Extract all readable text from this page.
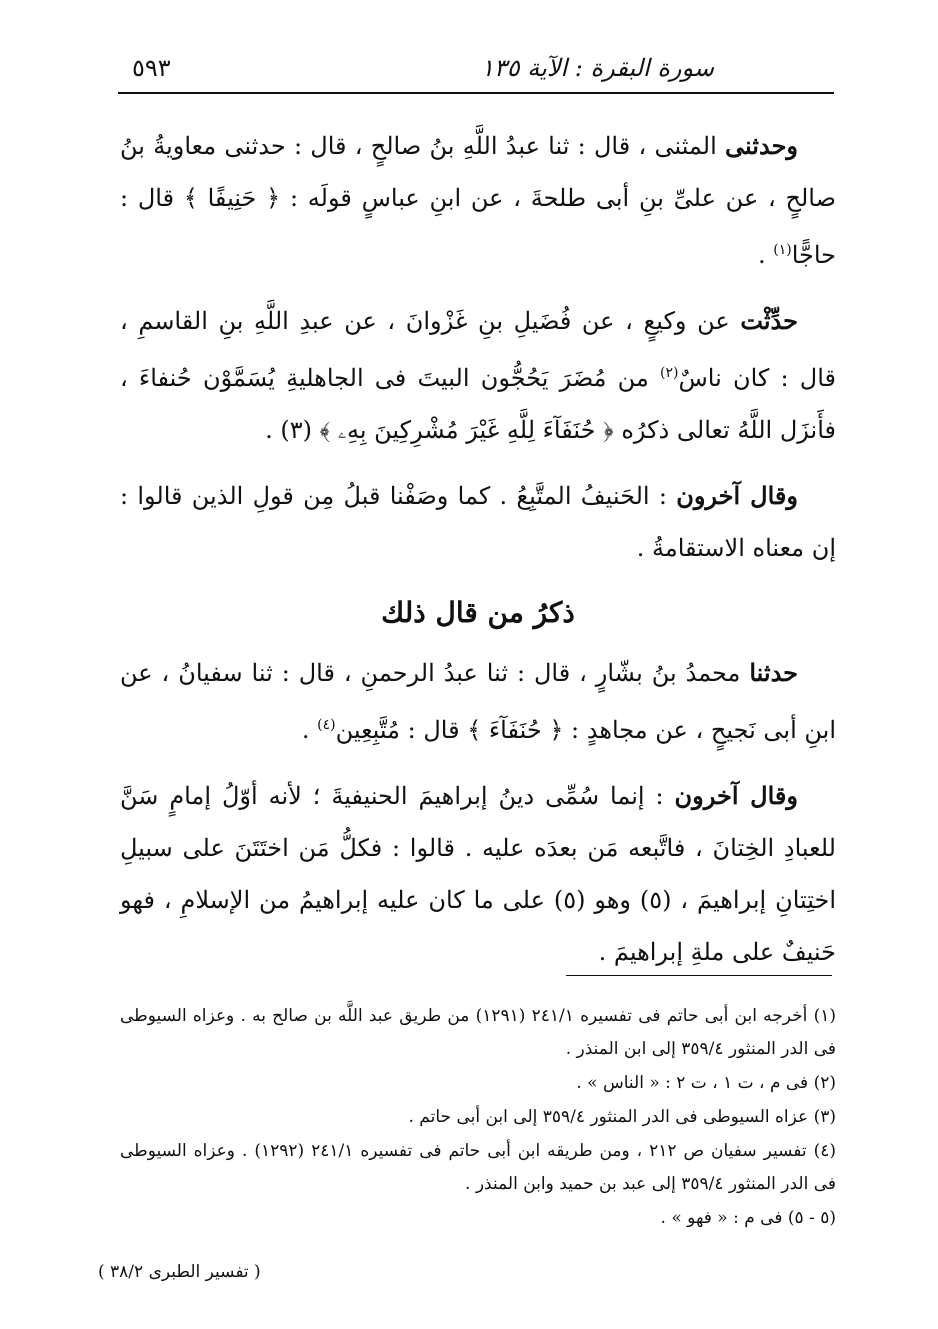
سورة البقرة : الآية ١٣٥
٥٩٣

وحدثنى المثنى ، قال : ثنا عبدُ اللَّهِ بنُ صالحٍ ، قال : حدثنى معاويةُ بنُ صالحٍ ، عن علىِّ بنِ أبى طلحةَ ، عن ابنِ عباسٍ قولَه : ﴿ حَنِيفًا ﴾ قال : حاجًّا$^{(١)}$ .

حدِّثْت عن وكيعٍ ، عن فُضَيلِ بنِ غَزْوانَ ، عن عبدِ اللَّهِ بنِ القاسمِ ، قال : كان ناسٌ$^{(٢)}$ من مُضَرَ يَحُجُّون البيتَ فى الجاهليةِ يُسَمَّوْن حُنفاءَ ، فأَنزَل اللَّهُ تعالى ذكرُه ﴿ حُنَفَآءَ لِلَّهِ غَيْرَ مُشْرِكِينَ بِهِۦ ﴾ (٣) .

وقال آخرون : الحَنيفُ المتَّبِعُ . كما وصَفْنا قبلُ مِن قولِ الذين قالوا : إن معناه الاستقامةُ .

ذكرُ من قال ذلك

حدثنا محمدُ بنُ بشّارٍ ، قال : ثنا عبدُ الرحمنِ ، قال : ثنا سفيانُ ، عن ابنِ أبى نَجيحٍ ، عن مجاهدٍ : ﴿ حُنَفَآءَ ﴾ قال : مُتَّبِعِين$^{(٤)}$ .

وقال آخرون : إنما سُمِّى دينُ إبراهيمَ الحنيفيةَ ؛ لأنه أوّلُ إمامٍ سَنَّ للعبادِ الخِتانَ ، فاتَّبعه مَن بعدَه عليه . قالوا : فكلُّ مَن اختَتَنَ على سبيلِ اختِتانِ إبراهيمَ ، (٥) وهو (٥) على ما كان عليه إبراهيمُ من الإسلامِ ، فهو حَنيفٌ على ملةِ إبراهيمَ .

(١) أخرجه ابن أبى حاتم فى تفسيره ٢٤١/١ (١٢٩١) من طريق عبد اللَّه بن صالح به . وعزاه السيوطى فى الدر المنثور ٣٥٩/٤ إلى ابن المنذر .

(٢) فى م ، ت ١ ، ت ٢ : « الناس » .

(٣) عزاه السيوطى فى الدر المنثور ٣٥٩/٤ إلى ابن أبى حاتم .

(٤) تفسير سفيان ص ٢١٢ ، ومن طريقه ابن أبى حاتم فى تفسيره ٢٤١/١ (١٢٩٢) . وعزاه السيوطى فى الدر المنثور ٣٥٩/٤ إلى عبد بن حميد وابن المنذر .

(٥ - ٥) فى م : « فهو » .

( تفسير الطبرى ٣٨/٢ )
